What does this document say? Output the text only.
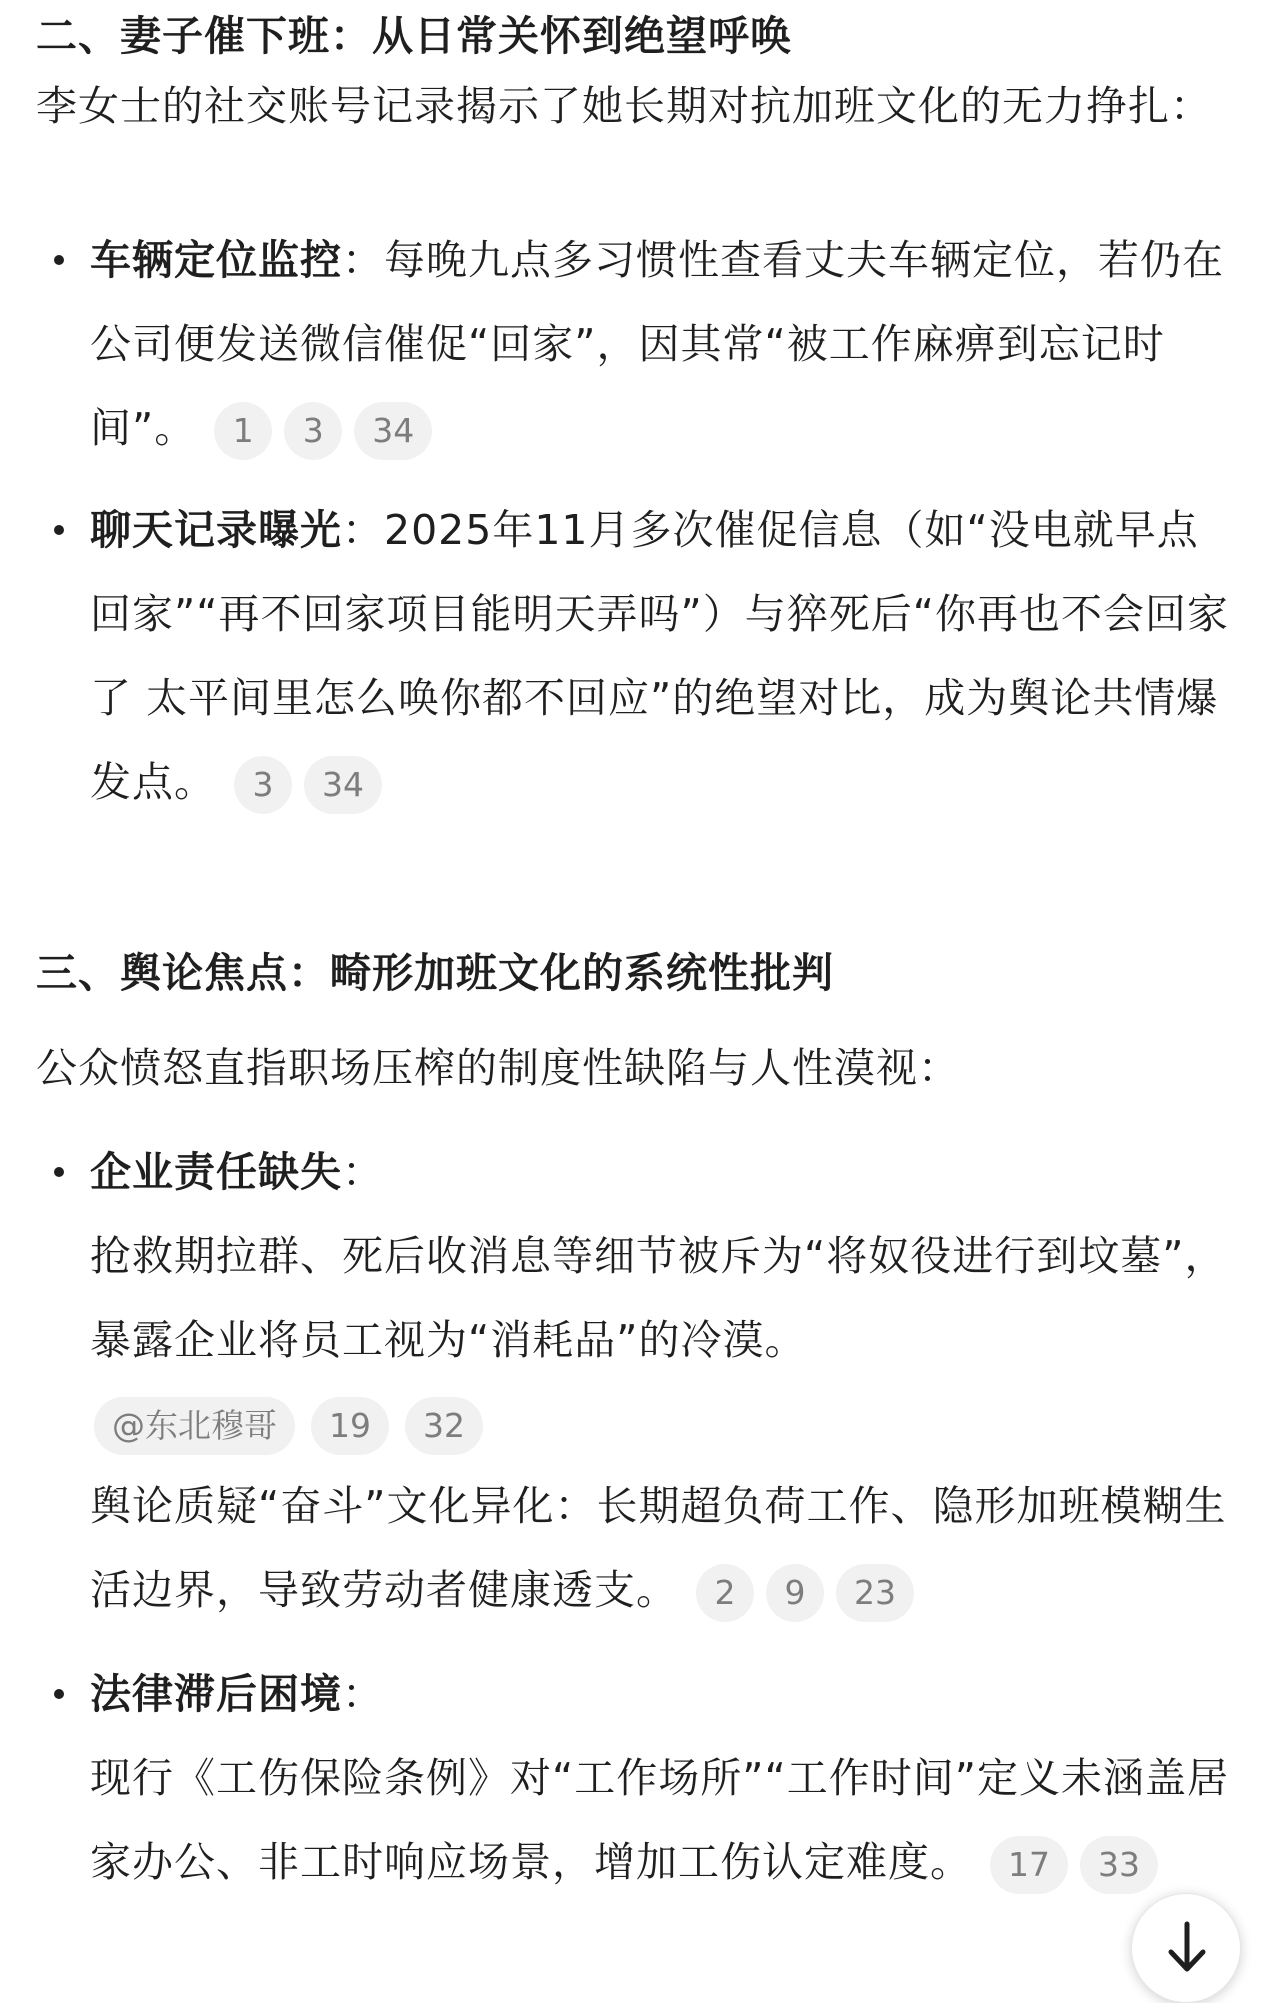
二、妻子催下班：从日常关怀到绝望呼唤

李女士的社交账号记录揭示了她长期对抗加班文化的无力挣扎：

车辆定位监控：每晚九点多习惯性查看丈夫车辆定位，若仍在公司便发送微信催促“回家”，因其常“被工作麻痹到忘记时间”。 1 3 34
聊天记录曝光：2025年11月多次催促信息（如“没电就早点回家”“再不回家项目能明天弄吗”）与猝死后“你再也不会回家了 太平间里怎么唤你都不回应”的绝望对比，成为舆论共情爆发点。 3 34
三、舆论焦点：畸形加班文化的系统性批判

公众愤怒直指职场压榨的制度性缺陷与人性漠视：

企业责任缺失：
抢救期拉群、死后收消息等细节被斥为“将奴役进行到坟墓”，暴露企业将员工视为“消耗品”的冷漠。
@东北穆哥 19 32
舆论质疑“奋斗”文化异化：长期超负荷工作、隐形加班模糊生活边界，导致劳动者健康透支。 2 9 23
法律滞后困境：
现行《工伤保险条例》对“工作场所”“工作时间”定义未涵盖居家办公、非工时响应场景，增加工伤认定难度。 17 33
